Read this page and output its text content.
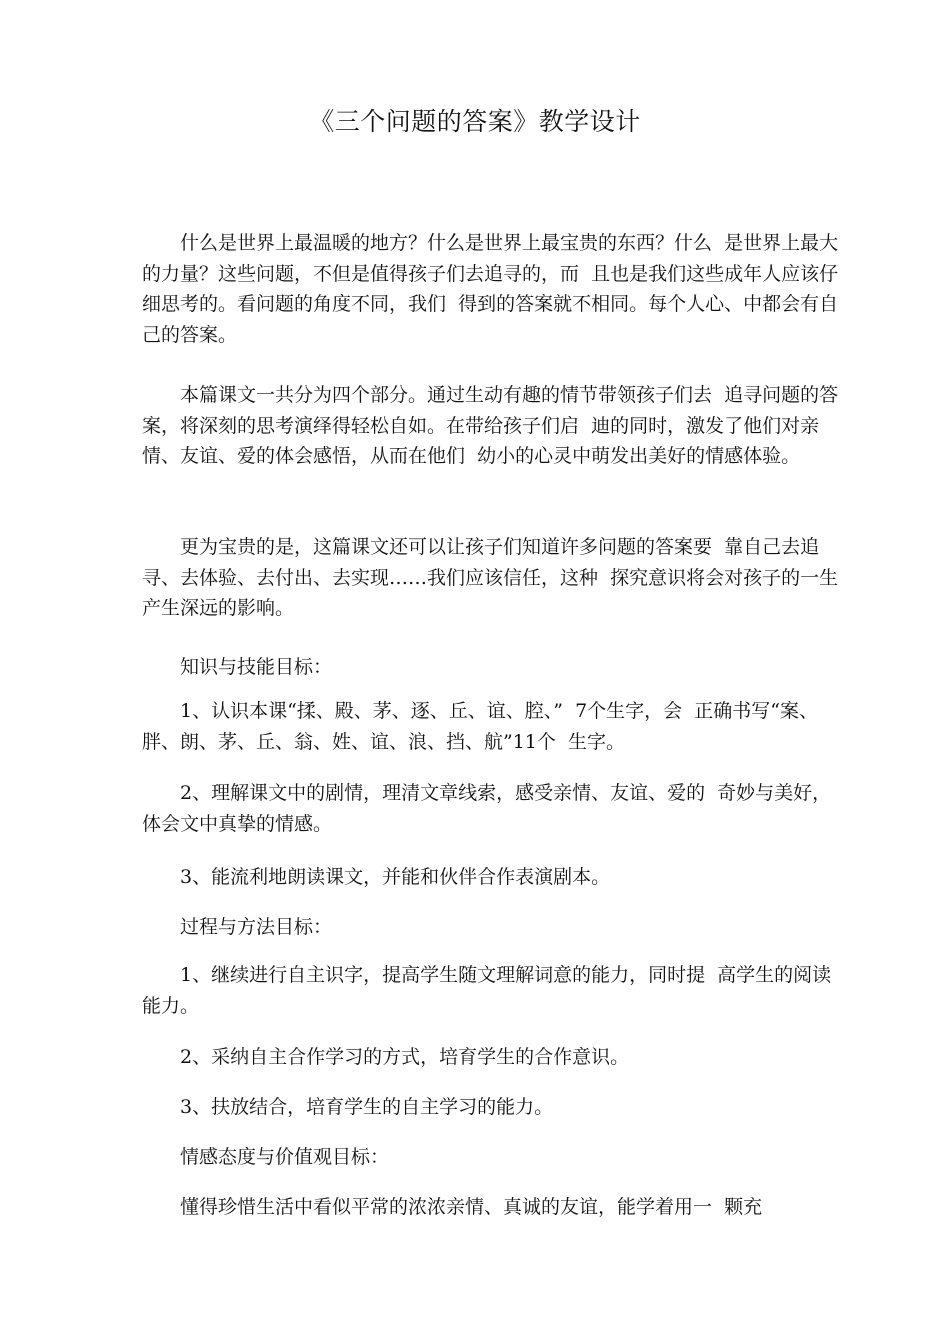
《三个问题的答案》教学设计

什么是世界上最温暖的地方？什么是世界上最宝贵的东西？什么  是世界上最大的力量？这些问题，不但是值得孩子们去追寻的，而  且也是我们这些成年人应该仔细思考的。看问题的角度不同，我们  得到的答案就不相同。每个人心、中都会有自己的答案。

本篇课文一共分为四个部分。通过生动有趣的情节带领孩子们去  追寻问题的答案，将深刻的思考演绎得轻松自如。在带给孩子们启  迪的同时，激发了他们对亲情、友谊、爱的体会感悟，从而在他们  幼小的心灵中萌发出美好的情感体验。

更为宝贵的是，这篇课文还可以让孩子们知道许多问题的答案要  靠自己去追寻、去体验、去付出、去实现……我们应该信任，这种  探究意识将会对孩子的一生产生深远的影响。

知识与技能目标：

1、认识本课“揉、殿、茅、逐、丘、谊、腔、”  7个生字，会  正确书写“案、胖、朗、茅、丘、翁、姓、谊、浪、挡、航”11个  生字。

2、理解课文中的剧情，理清文章线索，感受亲情、友谊、爱的  奇妙与美好，体会文中真挚的情感。

3、能流利地朗读课文，并能和伙伴合作表演剧本。

过程与方法目标：

1、继续进行自主识字，提高学生随文理解词意的能力，同时提  高学生的阅读能力。

2、采纳自主合作学习的方式，培育学生的合作意识。

3、扶放结合，培育学生的自主学习的能力。

情感态度与价值观目标：

懂得珍惜生活中看似平常的浓浓亲情、真诚的友谊，能学着用一  颗充
